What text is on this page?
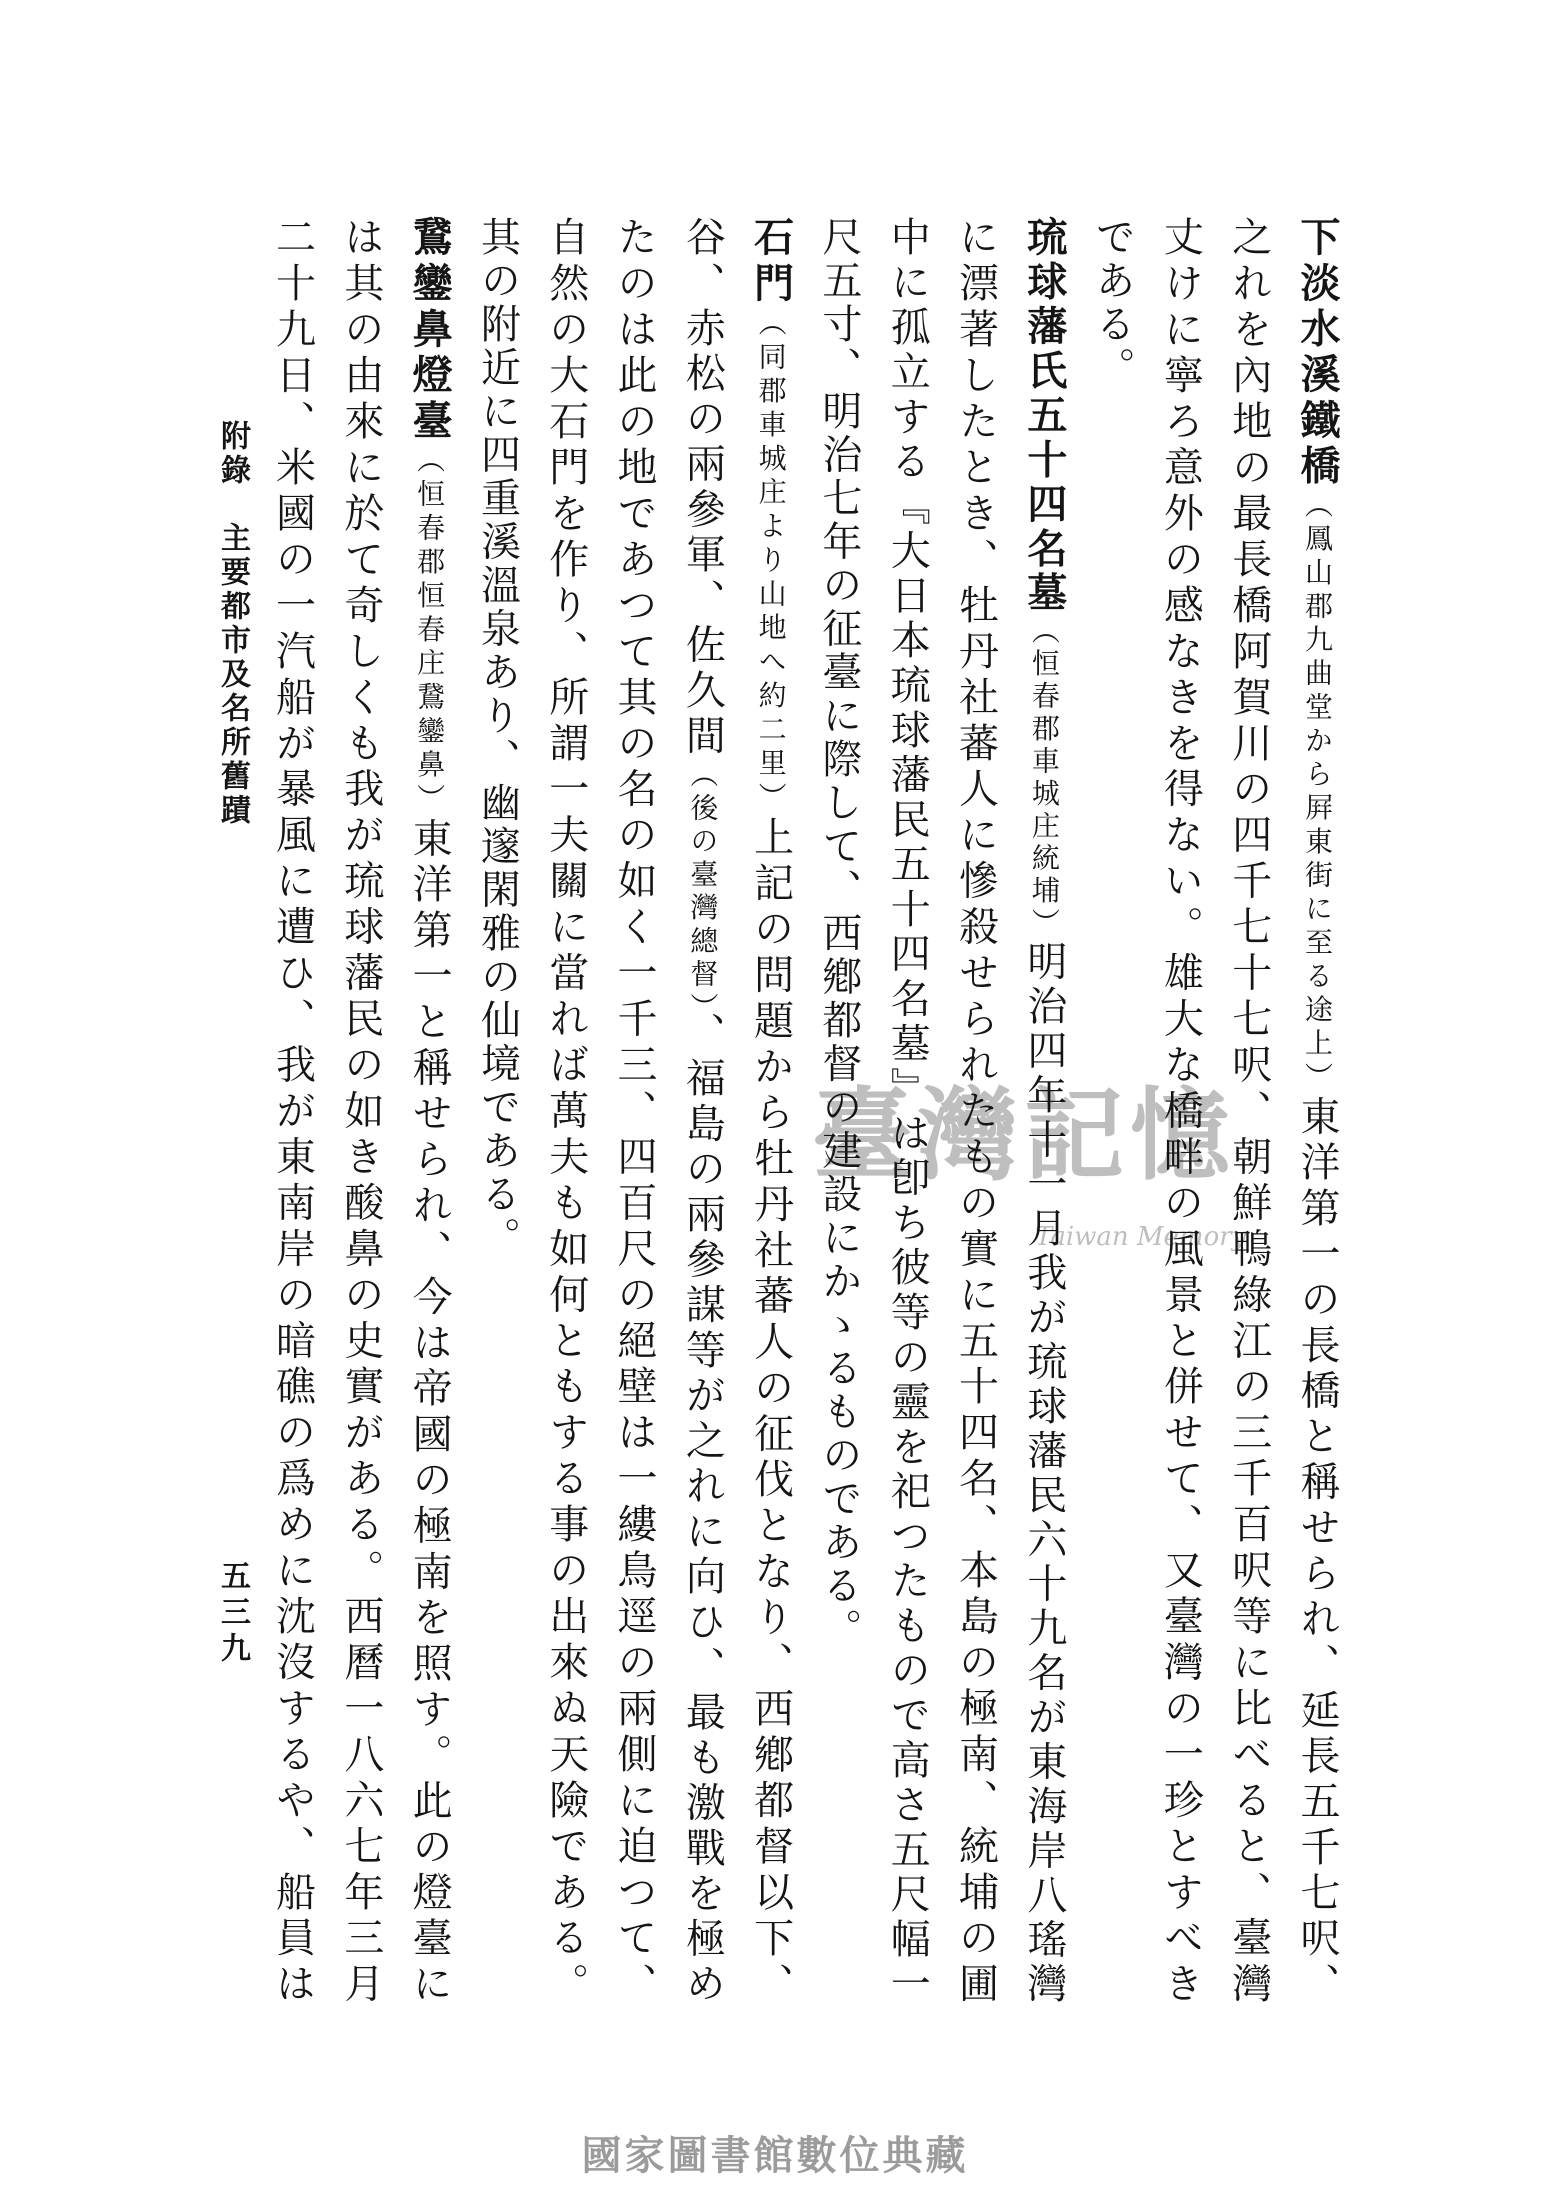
附錄　主要都市及名所舊蹟
五三九
臺灣記憶
Taiwan Memory
下淡水溪鐵橋（鳳山郡九曲堂から屛東街に至る途上）東洋第一の長橋と稱せられ、延長五千七呎、
之れを內地の最長橋阿賀川の四千七十七呎、朝鮮鴨綠江の三千百呎等に比べると、臺灣
丈けに寧ろ意外の感なきを得ない。雄大な橋畔の風景と併せて、又臺灣の一珍とすべき
である。
琉球藩氏五十四名墓（恒春郡車城庄統埔）明治四年十一月我が琉球藩民六十九名が東海岸八瑤灣
に漂著したとき、牡丹社蕃人に慘殺せられたもの實に五十四名、本島の極南、統埔の圃
中に孤立する『大日本琉球藩民五十四名墓』は卽ち彼等の靈を祀つたもので高さ五尺幅一
尺五寸、明治七年の征臺に際して、西鄕都督の建設にかゝるものである。
石門（同郡車城庄より山地へ約二里）上記の問題から牡丹社蕃人の征伐となり、西鄕都督以下、
谷、赤松の兩參軍、佐久間（後の臺灣總督）、福島の兩參謀等が之れに向ひ、最も激戰を極め
たのは此の地であつて其の名の如く一千三、四百尺の絕壁は一縷鳥逕の兩側に迫つて、
自然の大石門を作り、所謂一夫關に當れば萬夫も如何ともする事の出來ぬ天險である。
其の附近に四重溪溫泉あり、幽邃閑雅の仙境である。
鵞鑾鼻燈臺（恒春郡恒春庄鵞鑾鼻）東洋第一と稱せられ、今は帝國の極南を照す。此の燈臺に
は其の由來に於て奇しくも我が琉球藩民の如き酸鼻の史實がある。西曆一八六七年三月
二十九日、米國の一汽船が暴風に遭ひ、我が東南岸の暗礁の爲めに沈沒するや、船員は
國家圖書館數位典藏
